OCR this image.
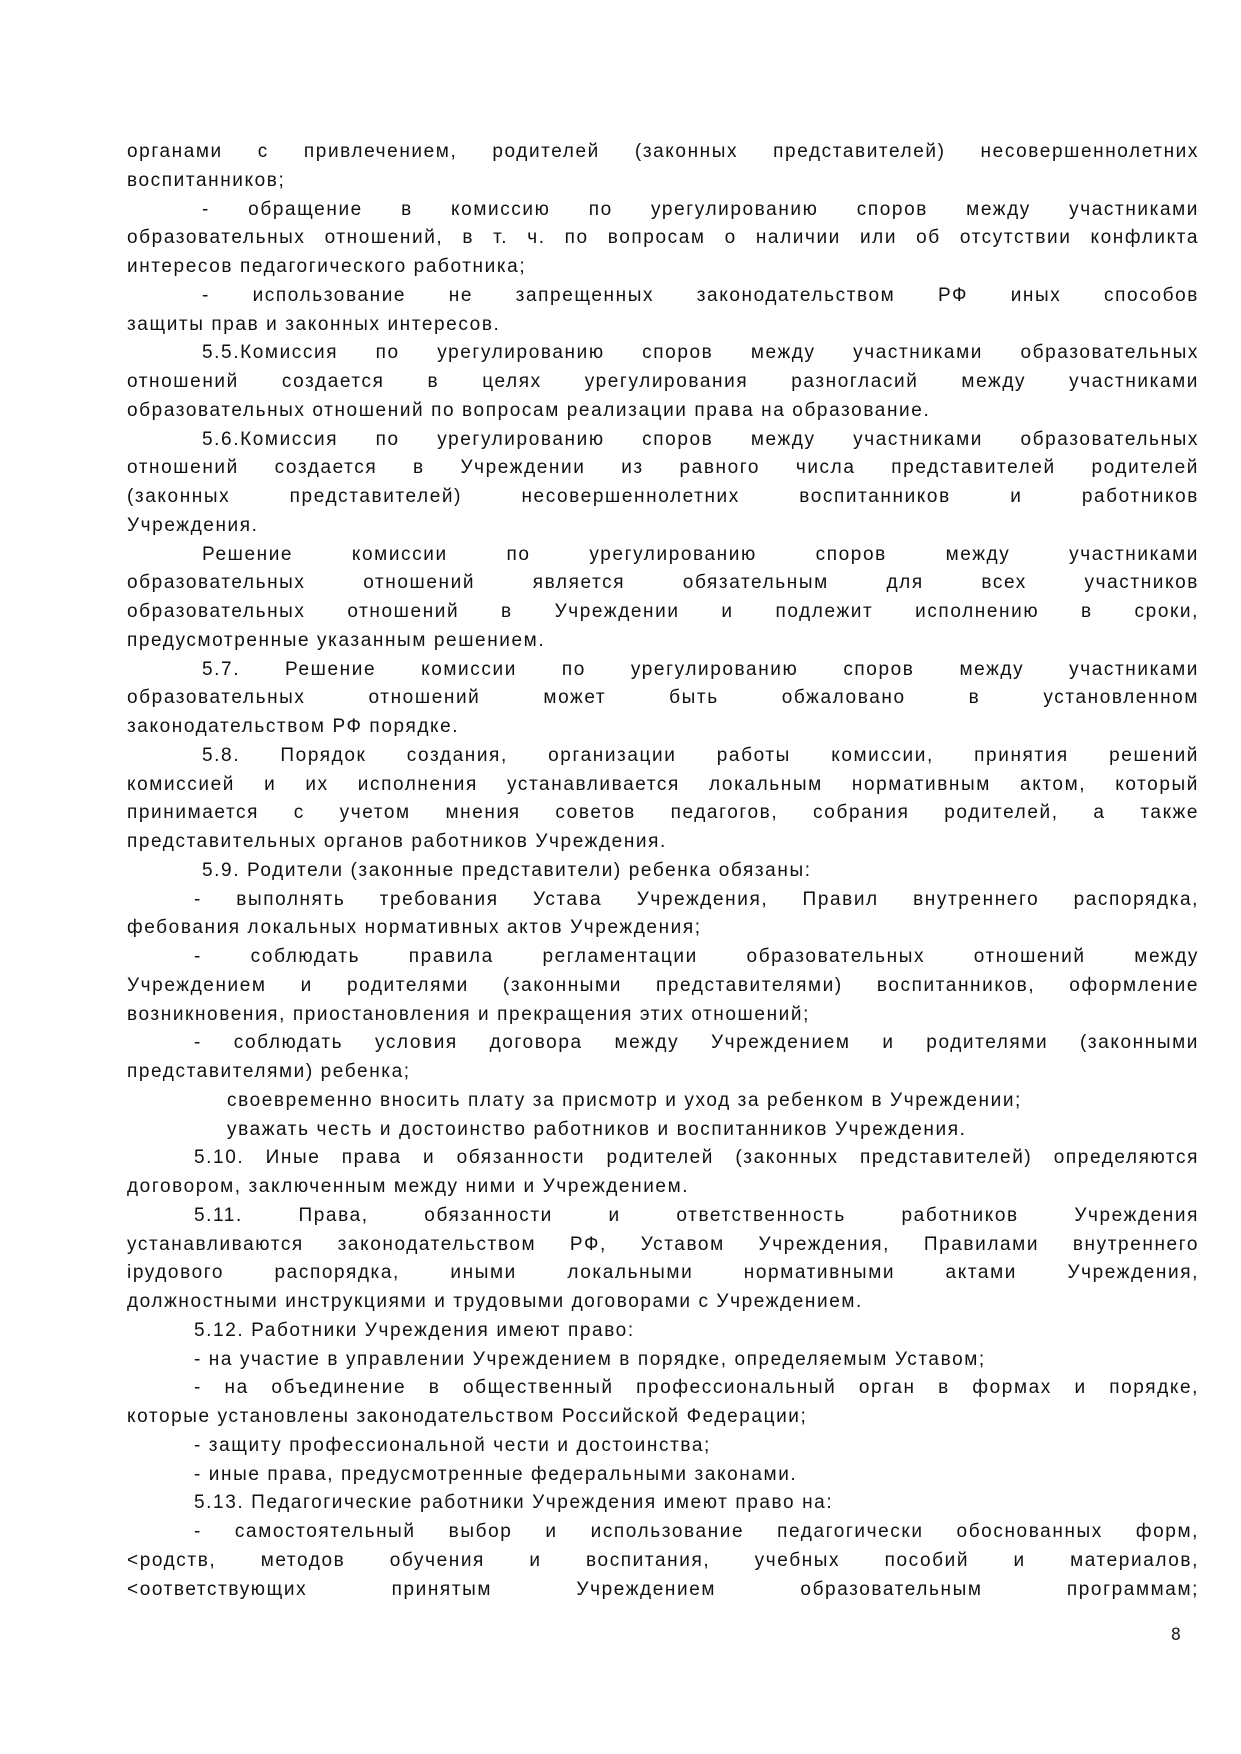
органами с привлечением, родителей (законных представителей) несовершеннолетних
воспитанников;
- обращение в комиссию по урегулированию споров между участниками
образовательных отношений, в т. ч. по вопросам о наличии или об отсутствии конфликта
интересов педагогического работника;
- использование не запрещенных законодательством РФ иных способов
защиты прав и законных интересов.
5.5.Комиссия по урегулированию споров между участниками образовательных
отношений создается в целях урегулирования разногласий между участниками
образовательных отношений по вопросам реализации права на образование.
5.6.Комиссия по урегулированию споров между участниками образовательных
отношений создается в Учреждении из равного числа представителей родителей
(законных представителей) несовершеннолетних воспитанников и работников
Учреждения.
Решение комиссии по урегулированию споров между участниками
образовательных отношений является обязательным для всех участников
образовательных отношений в Учреждении и подлежит исполнению в сроки,
предусмотренные указанным решением.
5.7. Решение комиссии по урегулированию споров между участниками
образовательных отношений может быть обжаловано в установленном
законодательством РФ порядке.
5.8. Порядок создания, организации работы комиссии, принятия решений
комиссией и их исполнения устанавливается локальным нормативным актом, который
принимается с учетом мнения советов педагогов, собрания родителей, а также
представительных органов работников Учреждения.
5.9. Родители (законные представители) ребенка обязаны:
- выполнять требования Устава Учреждения, Правил внутреннего распорядка,
фебования локальных нормативных актов Учреждения;
- соблюдать правила регламентации образовательных отношений между
Учреждением и родителями (законными представителями) воспитанников, оформление
возникновения, приостановления и прекращения этих отношений;
- соблюдать условия договора между Учреждением и родителями (законными
представителями) ребенка;
своевременно вносить плату за присмотр и уход за ребенком в Учреждении;
уважать честь и достоинство работников и воспитанников Учреждения.
5.10. Иные права и обязанности родителей (законных представителей) определяются
договором, заключенным между ними и Учреждением.
5.11. Права, обязанности и ответственность работников Учреждения
устанавливаются законодательством РФ, Уставом Учреждения, Правилами внутреннего
iрудового распорядка, иными локальными нормативными актами Учреждения,
должностными инструкциями и трудовыми договорами с Учреждением.
5.12. Работники Учреждения имеют право:
- на участие в управлении Учреждением в порядке, определяемым Уставом;
- на объединение в общественный профессиональный орган в формах и порядке,
которые установлены законодательством Российской Федерации;
- защиту профессиональной чести и достоинства;
- иные права, предусмотренные федеральными законами.
5.13. Педагогические работники Учреждения имеют право на:
- самостоятельный выбор и использование педагогически обоснованных форм,
<родств, методов обучения и воспитания, учебных пособий и материалов,
<оответствующих принятым Учреждением образовательным программам;
8
